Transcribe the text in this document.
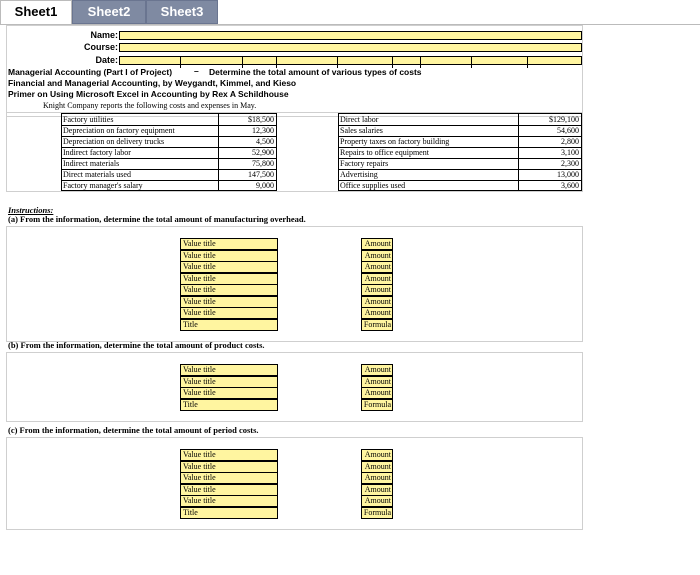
Sheet1	Sheet2	Sheet3
Name:
Course:
Date:
Managerial Accounting (Part I of Project)	– Determine the total amount of various types of costs
Financial and Managerial Accounting, by Weygandt, Kimmel, and Kieso
Primer on Using Microsoft Excel in Accounting by Rex A Schildhouse
Knight Company reports the following costs and expenses in May.
Factory utilities	$18,500
Depreciation on factory equipment	12,300
Depreciation on delivery trucks	4,500
Indirect factory labor	52,900
Indirect materials	75,800
Direct materials used	147,500
Factory manager's salary	9,000
Direct labor	$129,100
Sales salaries	54,600
Property taxes on factory building	2,800
Repairs to office equipment	3,100
Factory repairs	2,300
Advertising	13,000
Office supplies used	3,600
Instructions:
(a) From the information, determine the total amount of manufacturing overhead.
Value title	Amount
Value title	Amount
Value title	Amount
Value title	Amount
Value title	Amount
Value title	Amount
Value title	Amount
Title	Formula
(b) From the information, determine the total amount of product costs.
Value title	Amount
Value title	Amount
Value title	Amount
Title	Formula
(c) From the information, determine the total amount of period costs.
Value title	Amount
Value title	Amount
Value title	Amount
Value title	Amount
Value title	Amount
Title	Formula
